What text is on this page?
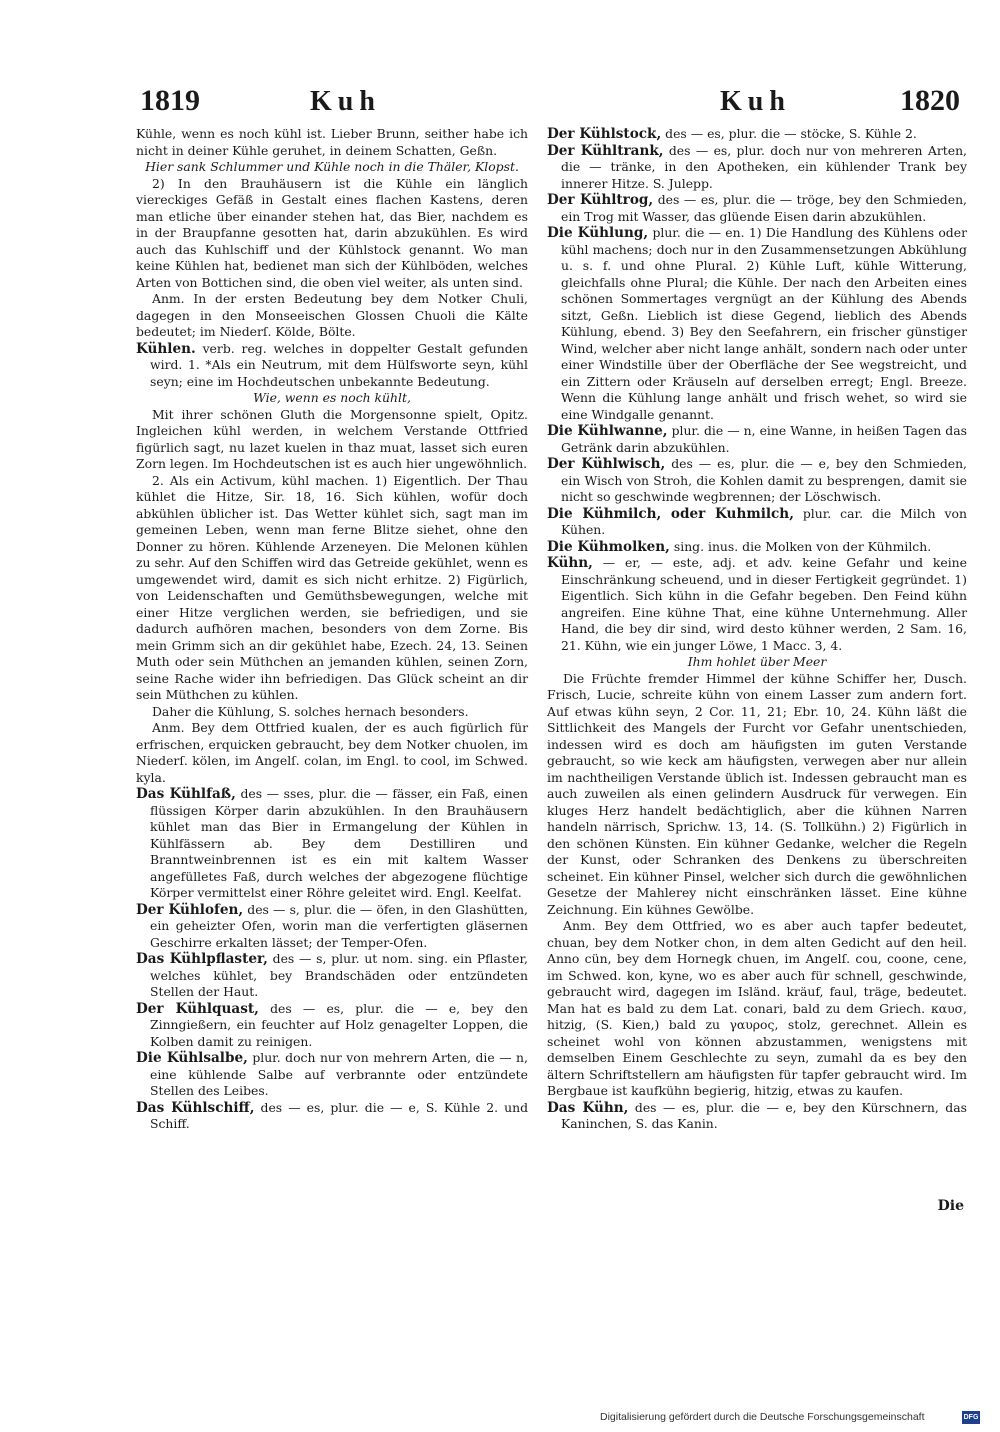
1819	Kuh	Kuh	1820

Kühle, wenn es noch kühl ist. Lieber Brunn, seither habe ich nicht in deiner Kühle geruhet, in deinem Schatten, Geßn.

Hier sank Schlummer und Kühle noch in die Thäler, Klopst.

2) In den Brauhäusern ist die Kühle ein länglich viereckiges Gefäß in Gestalt eines flachen Kastens, deren man etliche über einander stehen hat, das Bier, nachdem es in der Braupfanne gesotten hat, darin abzukühlen. Es wird auch das Kuhlschiff und der Kühlstock genannt. Wo man keine Kühlen hat, bedienet man sich der Kühlböden, welches Arten von Bottichen sind, die oben viel weiter, als unten sind.

Anm. In der ersten Bedeutung bey dem Notker Chuli, dagegen in den Monseeischen Glossen Chuoli die Kälte bedeutet; im Niederſ. Kölde, Bölte.

Kühlen. verb. reg. welches in doppelter Gestalt gefunden wird. 1. *Als ein Neutrum, mit dem Hülfsworte seyn, kühl seyn; eine im Hochdeutschen unbekannte Bedeutung.

Wie, wenn es noch kühlt,

Mit ihrer schönen Gluth die Morgensonne spielt, Opitz. Ingleichen kühl werden, in welchem Verstande Ottfried figürlich sagt, nu lazet kuelen in thaz muat, lasset sich euren Zorn legen. Im Hochdeutschen ist es auch hier ungewöhnlich.

2. Als ein Activum, kühl machen. 1) Eigentlich. Der Thau kühlet die Hitze, Sir. 18, 16. Sich kühlen, wofür doch abkühlen üblicher ist. Das Wetter kühlet sich, sagt man im gemeinen Leben, wenn man ferne Blitze siehet, ohne den Donner zu hören. Kühlende Arzeneyen. Die Melonen kühlen zu sehr. Auf den Schiffen wird das Getreide gekühlet, wenn es umgewendet wird, damit es sich nicht erhitze. 2) Figürlich, von Leidenschaften und Gemüthsbewegungen, welche mit einer Hitze verglichen werden, sie befriedigen, und sie dadurch aufhören machen, besonders von dem Zorne. Bis mein Grimm sich an dir gekühlet habe, Ezech. 24, 13. Seinen Muth oder sein Müthchen an jemanden kühlen, seinen Zorn, seine Rache wider ihn befriedigen. Das Glück scheint an dir sein Müthchen zu kühlen.

Daher die Kühlung, S. solches hernach besonders.

Anm. Bey dem Ottfried kualen, der es auch figürlich für erfrischen, erquicken gebraucht, bey dem Notker chuolen, im Niederſ. kölen, im Angelſ. colan, im Engl. to cool, im Schwed. kyla.

Das Kühlfaß, des — sses, plur. die — fässer, ein Faß, einen flüssigen Körper darin abzukühlen. In den Brauhäusern kühlet man das Bier in Ermangelung der Kühlen in Kühlfässern ab. Bey dem Destilliren und Branntweinbrennen ist es ein mit kaltem Wasser angefülletes Faß, durch welches der abgezogene flüchtige Körper vermittelst einer Röhre geleitet wird. Engl. Keelfat.

Der Kühlofen, des — s, plur. die — öfen, in den Glashütten, ein geheizter Ofen, worin man die verfertigten gläsernen Geschirre erkalten lässet; der Temper-Ofen.

Das Kühlpflaster, des — s, plur. ut nom. sing. ein Pflaster, welches kühlet, bey Brandschäden oder entzündeten Stellen der Haut.

Der Kühlquast, des — es, plur. die — e, bey den Zinngießern, ein feuchter auf Holz genagelter Loppen, die Kolben damit zu reinigen.

Die Kühlsalbe, plur. doch nur von mehrern Arten, die — n, eine kühlende Salbe auf verbrannte oder entzündete Stellen des Leibes.

Das Kühlschiff, des — es, plur. die — e, S. Kühle 2. und Schiff.

Der Kühlstock, des — es, plur. die — stöcke, S. Kühle 2.

Der Kühltrank, des — es, plur. doch nur von mehreren Arten, die — tränke, in den Apotheken, ein kühlender Trank bey innerer Hitze. S. Julepp.

Der Kühltrog, des — es, plur. die — tröge, bey den Schmieden, ein Trog mit Wasser, das glüende Eisen darin abzukühlen.

Die Kühlung, plur. die — en. 1) Die Handlung des Kühlens oder kühl machens; doch nur in den Zusammensetzungen Abkühlung u. s. f. und ohne Plural. 2) Kühle Luft, kühle Witterung, gleichfalls ohne Plural; die Kühle. Der nach den Arbeiten eines schönen Sommertages vergnügt an der Kühlung des Abends sitzt, Geßn. Lieblich ist diese Gegend, lieblich des Abends Kühlung, ebend. 3) Bey den Seefahrern, ein frischer günstiger Wind, welcher aber nicht lange anhält, sondern nach oder unter einer Windstille über der Oberfläche der See wegstreicht, und ein Zittern oder Kräuseln auf derselben erregt; Engl. Breeze. Wenn die Kühlung lange anhält und frisch wehet, so wird sie eine Windgalle genannt.

Die Kühlwanne, plur. die — n, eine Wanne, in heißen Tagen das Getränk darin abzukühlen.

Der Kühlwisch, des — es, plur. die — e, bey den Schmieden, ein Wisch von Stroh, die Kohlen damit zu besprengen, damit sie nicht so geschwinde wegbrennen; der Löschwisch.

Die Kühmilch, oder Kuhmilch, plur. car. die Milch von Kühen.

Die Kühmolken, sing. inus. die Molken von der Kühmilch.

Kühn, — er, — este, adj. et adv. keine Gefahr und keine Einschränkung scheuend, und in dieser Fertigkeit gegründet. 1) Eigentlich. Sich kühn in die Gefahr begeben. Den Feind kühn angreifen. Eine kühne That, eine kühne Unternehmung. Aller Hand, die bey dir sind, wird desto kühner werden, 2 Sam. 16, 21. Kühn, wie ein junger Löwe, 1 Macc. 3, 4.

Ihm hohlet über Meer

Die Früchte fremder Himmel der kühne Schiffer her, Dusch. Frisch, Lucie, schreite kühn von einem Lasser zum andern fort. Auf etwas kühn seyn, 2 Cor. 11, 21; Ebr. 10, 24. Kühn läßt die Sittlichkeit des Mangels der Furcht vor Gefahr unentschieden, indessen wird es doch am häufigsten im guten Verstande gebraucht, so wie keck am häufigsten, verwegen aber nur allein im nachtheiligen Verstande üblich ist. Indessen gebraucht man es auch zuweilen als einen gelindern Ausdruck für verwegen. Ein kluges Herz handelt bedächtiglich, aber die kühnen Narren handeln närrisch, Sprichw. 13, 14. (S. Tollkühn.) 2) Figürlich in den schönen Künsten. Ein kühner Gedanke, welcher die Regeln der Kunst, oder Schranken des Denkens zu überschreiten scheinet. Ein kühner Pinsel, welcher sich durch die gewöhnlichen Gesetze der Mahlerey nicht einschränken lässet. Eine kühne Zeichnung. Ein kühnes Gewölbe.

Anm. Bey dem Ottfried, wo es aber auch tapfer bedeutet, chuan, bey dem Notker chon, in dem alten Gedicht auf den heil. Anno cün, bey dem Hornegk chuen, im Angelſ. cou, coone, cene, im Schwed. kon, kyne, wo es aber auch für schnell, geschwinde, gebraucht wird, dagegen im Isländ. kräuf, faul, träge, bedeutet. Man hat es bald zu dem Lat. conari, bald zu dem Griech. καυσ, hitzig, (S. Kien,) bald zu γαυρος, stolz, gerechnet. Allein es scheinet wohl von können abzustammen, wenigstens mit demselben Einem Geschlechte zu seyn, zumahl da es bey den ältern Schriftstellern am häufigsten für tapfer gebraucht wird. Im Bergbaue ist kaufkühn begierig, hitzig, etwas zu kaufen.

Das Kühn, des — es, plur. die — e, bey den Kürschnern, das Kaninchen, S. das Kanin.

Die
Digitalisierung gefördert durch die Deutsche Forschungsgemeinschaft	DFG
